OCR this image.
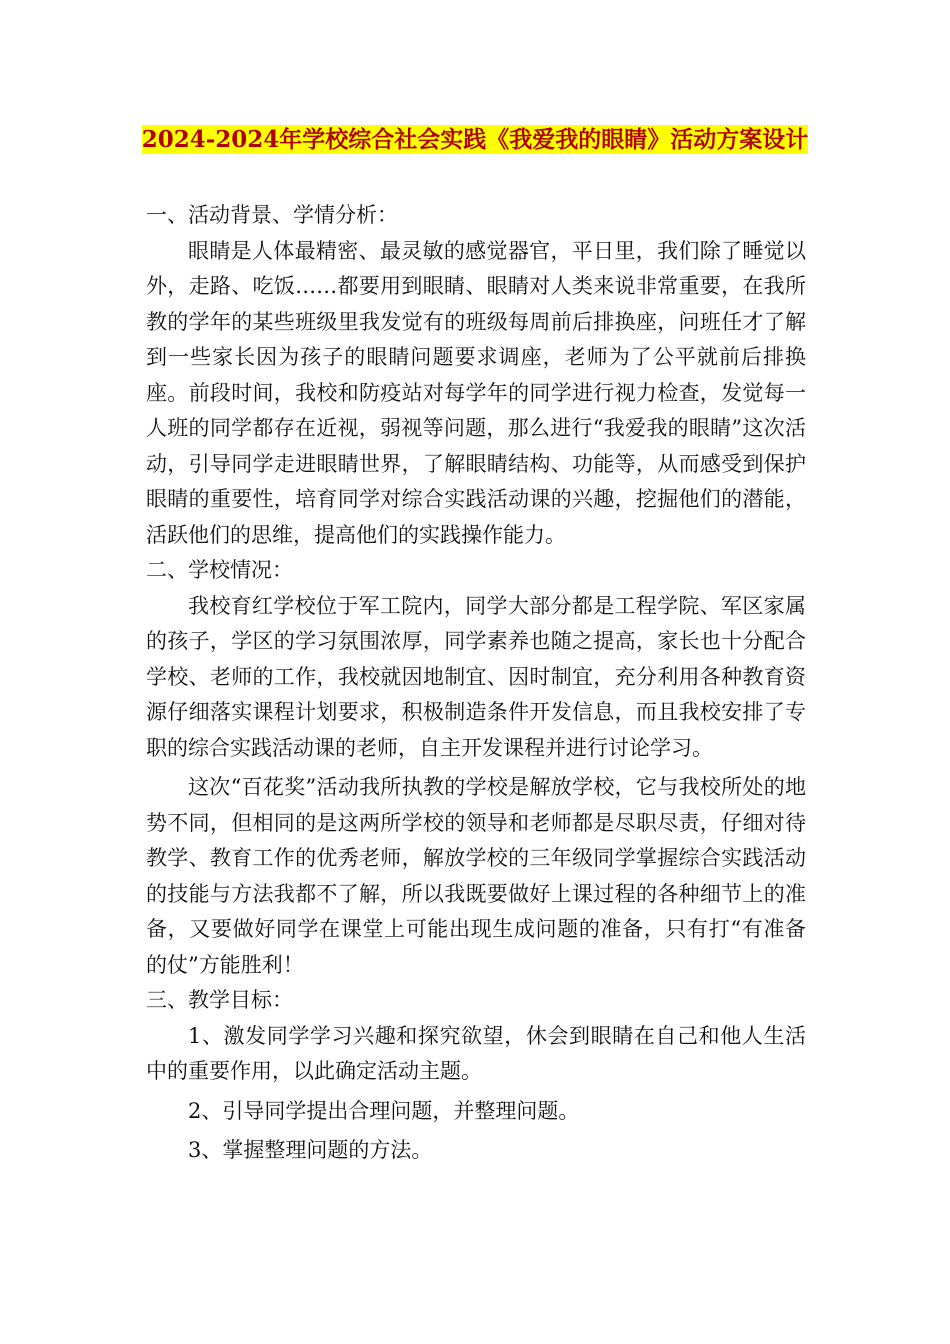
2024-2024年学校综合社会实践《我爱我的眼睛》活动方案设计

一、活动背景、学情分析：

眼睛是人体最精密、最灵敏的感觉器官，平日里，我们除了睡觉以外，走路、吃饭……都要用到眼睛、眼睛对人类来说非常重要，在我所教的学年的某些班级里我发觉有的班级每周前后排换座，问班任才了解到一些家长因为孩子的眼睛问题要求调座，老师为了公平就前后排换座。前段时间，我校和防疫站对每学年的同学进行视力检查，发觉每一人班的同学都存在近视，弱视等问题，那么进行“我爱我的眼睛”这次活动，引导同学走进眼睛世界，了解眼睛结构、功能等，从而感受到保护眼睛的重要性，培育同学对综合实践活动课的兴趣，挖掘他们的潜能，活跃他们的思维，提高他们的实践操作能力。

二、学校情况：

我校育红学校位于军工院内，同学大部分都是工程学院、军区家属的孩子，学区的学习氛围浓厚，同学素养也随之提高，家长也十分配合学校、老师的工作，我校就因地制宜、因时制宜，充分利用各种教育资源仔细落实课程计划要求，积极制造条件开发信息，而且我校安排了专职的综合实践活动课的老师，自主开发课程并进行讨论学习。

这次“百花奖”活动我所执教的学校是解放学校，它与我校所处的地势不同，但相同的是这两所学校的领导和老师都是尽职尽责，仔细对待教学、教育工作的优秀老师，解放学校的三年级同学掌握综合实践活动的技能与方法我都不了解，所以我既要做好上课过程的各种细节上的准备，又要做好同学在课堂上可能出现生成问题的准备，只有打“有准备的仗”方能胜利！

三、教学目标：

1、激发同学学习兴趣和探究欲望，休会到眼睛在自己和他人生活中的重要作用，以此确定活动主题。

2、引导同学提出合理问题，并整理问题。

3、掌握整理问题的方法。
